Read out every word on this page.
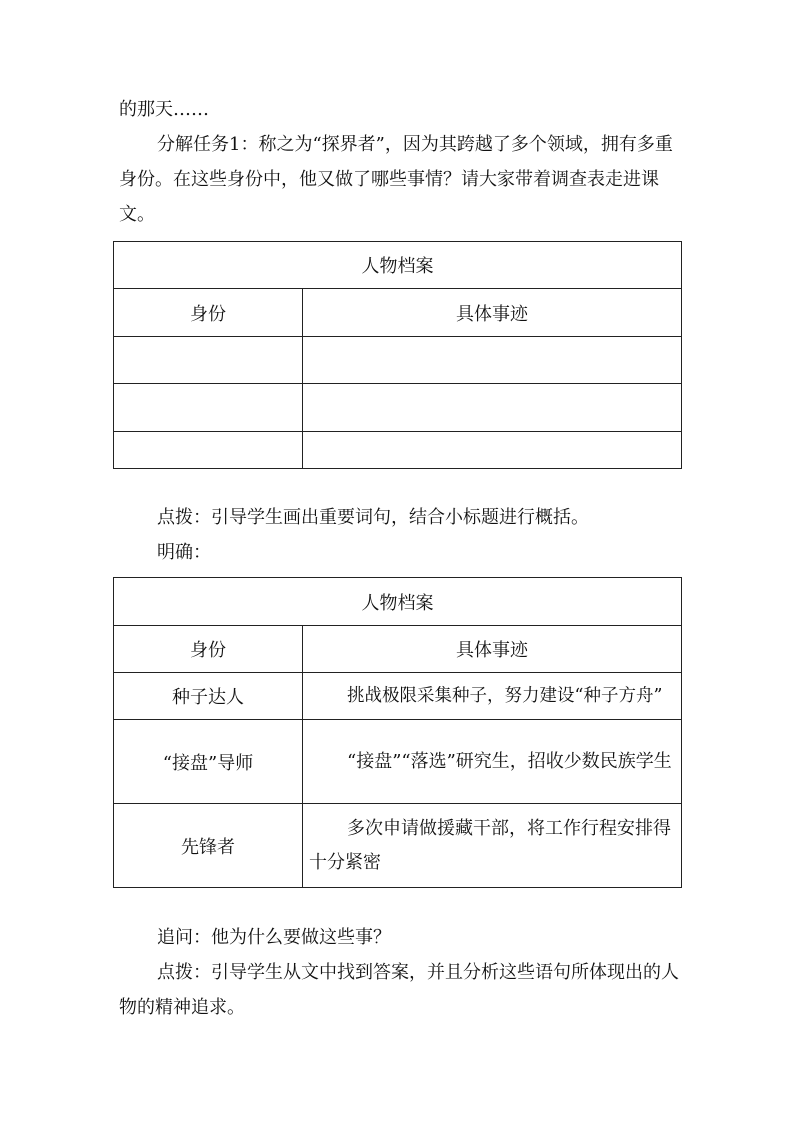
的那天……

分解任务1：称之为“探界者”，因为其跨越了多个领域，拥有多重身份。在这些身份中，他又做了哪些事情？请大家带着调查表走进课文。

人物档案	
身份	具体事迹

点拨：引导学生画出重要词句，结合小标题进行概括。

明确：

人物档案	
身份	具体事迹
种子达人	挑战极限采集种子，努力建设“种子方舟”
“接盘”导师	“接盘”“落选”研究生，招收少数民族学生
先锋者	多次申请做援藏干部，将工作行程安排得十分紧密

追问：他为什么要做这些事？

点拨：引导学生从文中找到答案，并且分析这些语句所体现出的人物的精神追求。
